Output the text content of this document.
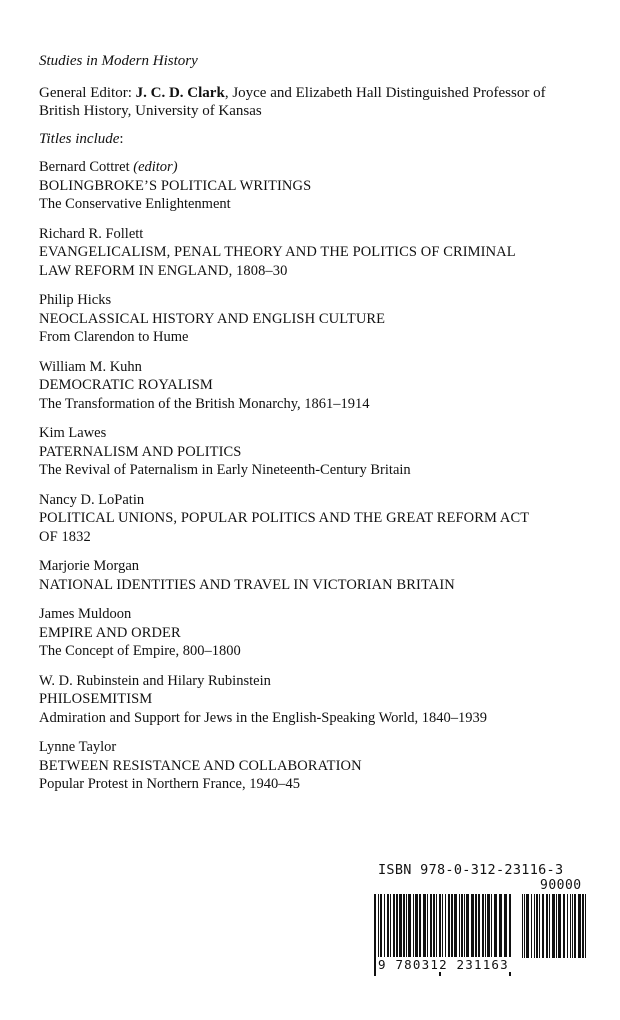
Studies in Modern History
General Editor: J. C. D. Clark, Joyce and Elizabeth Hall Distinguished Professor of
British History, University of Kansas
Titles include:
Bernard Cottret (editor)
BOLINGBROKE’S POLITICAL WRITINGS
The Conservative Enlightenment
Richard R. Follett
EVANGELICALISM, PENAL THEORY AND THE POLITICS OF CRIMINAL
LAW REFORM IN ENGLAND, 1808–30
Philip Hicks
NEOCLASSICAL HISTORY AND ENGLISH CULTURE
From Clarendon to Hume
William M. Kuhn
DEMOCRATIC ROYALISM
The Transformation of the British Monarchy, 1861–1914
Kim Lawes
PATERNALISM AND POLITICS
The Revival of Paternalism in Early Nineteenth-Century Britain
Nancy D. LoPatin
POLITICAL UNIONS, POPULAR POLITICS AND THE GREAT REFORM ACT
OF 1832
Marjorie Morgan
NATIONAL IDENTITIES AND TRAVEL IN VICTORIAN BRITAIN
James Muldoon
EMPIRE AND ORDER
The Concept of Empire, 800–1800
W. D. Rubinstein and Hilary Rubinstein
PHILOSEMITISM
Admiration and Support for Jews in the English-Speaking World, 1840–1939
Lynne Taylor
BETWEEN RESISTANCE AND COLLABORATION
Popular Protest in Northern France, 1940–45
ISBN 978-0-312-23116-3
90000
9 780312 231163
